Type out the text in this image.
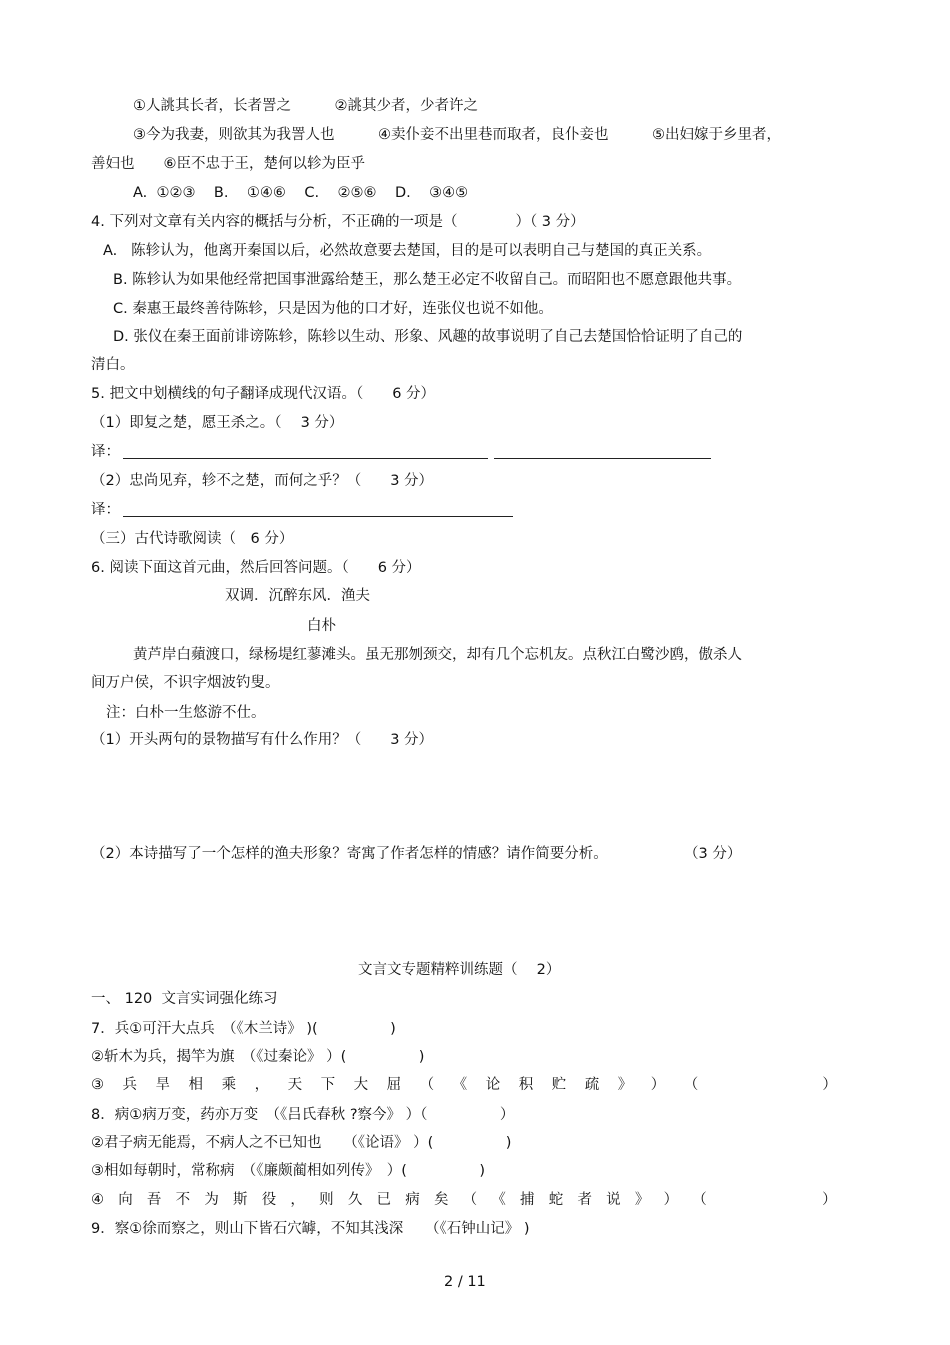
①人誂其长者，长者詈之　　　②誂其少者，少者许之
③今为我妻，则欲其为我詈人也　　　④卖仆妾不出里巷而取者，良仆妾也　　　⑤出妇嫁于乡里者，
善妇也　　⑥臣不忠于王，楚何以轸为臣乎
A.  ①②③    B.    ①④⑥    C.    ②⑤⑥    D.    ③④⑤
4. 下列对文章有关内容的概括与分析，不正确的一项是（　　　　）（ 3 分）
A.   陈轸认为，他离开秦国以后，必然故意要去楚国，目的是可以表明自己与楚国的真正关系。
B. 陈轸认为如果他经常把国事泄露给楚王，那么楚王必定不收留自己。而昭阳也不愿意跟他共事。
C. 秦惠王最终善待陈轸，只是因为他的口才好，连张仪也说不如他。
D. 张仪在秦王面前诽谤陈轸，陈轸以生动、形象、风趣的故事说明了自己去楚国恰恰证明了自己的
清白。
5. 把文中划横线的句子翻译成现代汉语。（　　6 分）
（1）即复之楚，愿王杀之。（　 3 分）
译：
（2）忠尚见弃，轸不之楚，而何之乎？（　　3 分）
译：
（三）古代诗歌阅读（　6 分）
6. 阅读下面这首元曲，然后回答问题。（　　6 分）
双调．沉醉东风．渔夫
白朴
黄芦岸白蘋渡口，绿杨堤红蓼滩头。虽无那刎颈交，却有几个忘机友。点秋江白鹭沙鸥，傲杀人
间万户侯，不识字烟波钓叟。
注：白朴一生悠游不仕。
（1）开头两句的景物描写有什么作用？（　　3 分）
（2）本诗描写了一个怎样的渔夫形象？寄寓了作者怎样的情感？请作简要分析。	（3 分）
文言文专题精粹训练题（　 2）
一、 120  文言实词强化练习
7．兵①可汗大点兵　（《木兰诗》 )(　　　　　)
②斩木为兵，揭竿为旗　（《过秦论》 ）(　　　　　)
③ 兵 旱 相 乘 ， 天 下 大 屈 （ 《 论 积 贮 疏 》 ） （
　　　　　　	）
8．病①病万变，药亦万变　（《吕氏春秋 ?察今》 ）（　　　　　）
②君子病无能焉，不病人之不已知也　　（《论语》 ）(　　　　　)
③相如每朝时，常称病　（《廉颇蔺相如列传》　）(　　　　　)
④ 向 吾 不 为 斯 役 ， 则 久 已 病 矣 （ 《 捕 蛇 者 说 》 ） （
　　　　　　	）
9．察①徐而察之，则山下皆石穴罅，不知其浅深　　（《石钟山记》 )
2 / 11
